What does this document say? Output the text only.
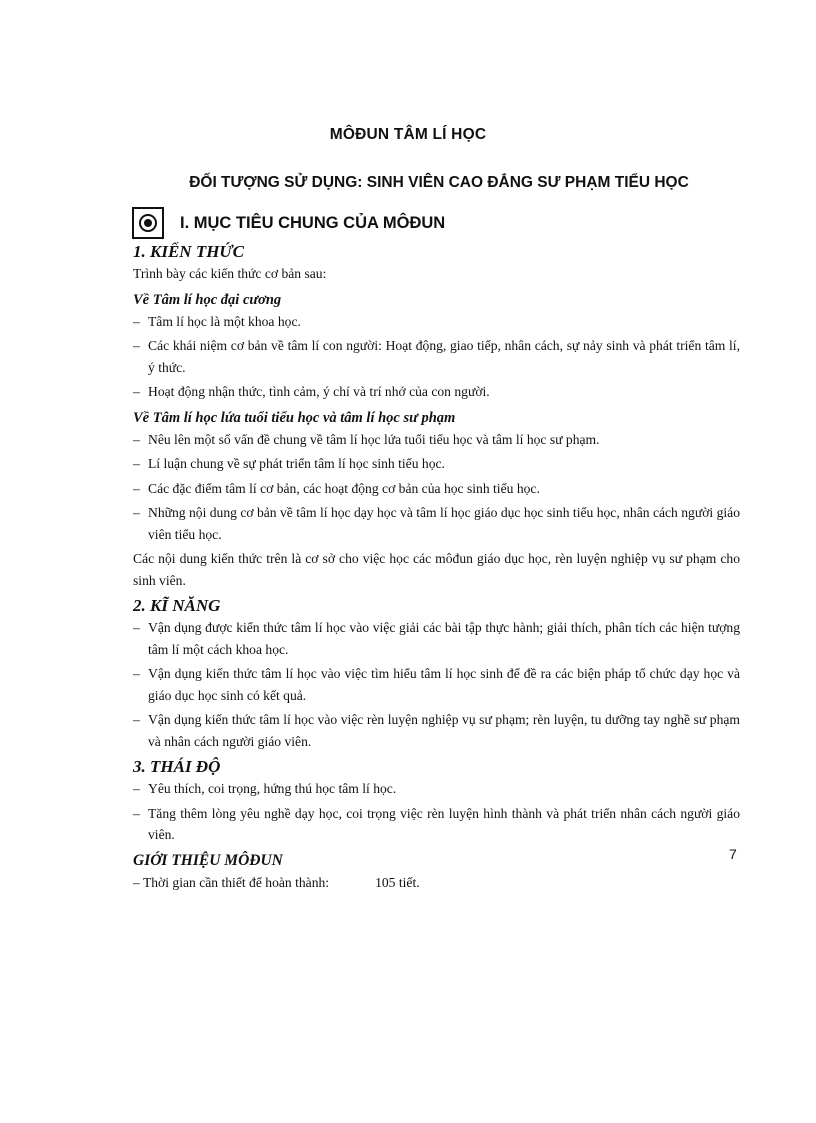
MÔĐUN TÂM LÍ HỌC
ĐỐI TƯỢNG SỬ DỤNG: SINH VIÊN CAO ĐẲNG SƯ PHẠM TIỂU HỌC
I. MỤC TIÊU CHUNG CỦA MÔĐUN
1. KIẾN THỨC

Trình bày các kiến thức cơ bản sau:

Về Tâm lí học đại cương
– Tâm lí học là một khoa học.
– Các khái niệm cơ bản về tâm lí con người: Hoạt động, giao tiếp, nhân cách, sự nảy sinh và phát triển tâm lí, ý thức.
– Hoạt động nhận thức, tình cảm, ý chí và trí nhớ của con người.
Về Tâm lí học lứa tuổi tiểu học và tâm lí học sư phạm
– Nêu lên một số vấn đề chung về tâm lí học lứa tuổi tiểu học và tâm lí học sư phạm.
– Lí luận chung về sự phát triển tâm lí học sinh tiểu học.
– Các đặc điểm tâm lí cơ bản, các hoạt động cơ bản của học sinh tiểu học.
– Những nội dung cơ bản về tâm lí học dạy học và tâm lí học giáo dục học sinh tiểu học, nhân cách người giáo viên tiểu học.

Các nội dung kiến thức trên là cơ sở cho việc học các môđun giáo dục học, rèn luyện nghiệp vụ sư phạm cho sinh viên.

2. KĨ NĂNG
– Vận dụng được kiến thức tâm lí học vào việc giải các bài tập thực hành; giải thích, phân tích các hiện tượng tâm lí một cách khoa học.
– Vận dụng kiến thức tâm lí học vào việc tìm hiểu tâm lí học sinh để đề ra các biện pháp tổ chức dạy học và giáo dục học sinh có kết quả.
– Vận dụng kiến thức tâm lí học vào việc rèn luyện nghiệp vụ sư phạm; rèn luyện, tu dưỡng tay nghề sư phạm và nhân cách người giáo viên.
3. THÁI ĐỘ
– Yêu thích, coi trọng, hứng thú học tâm lí học.
– Tăng thêm lòng yêu nghề dạy học, coi trọng việc rèn luyện hình thành và phát triển nhân cách người giáo viên.
GIỚI THIỆU MÔĐUN
– Thời gian cần thiết để hoàn thành:	105 tiết.
7
